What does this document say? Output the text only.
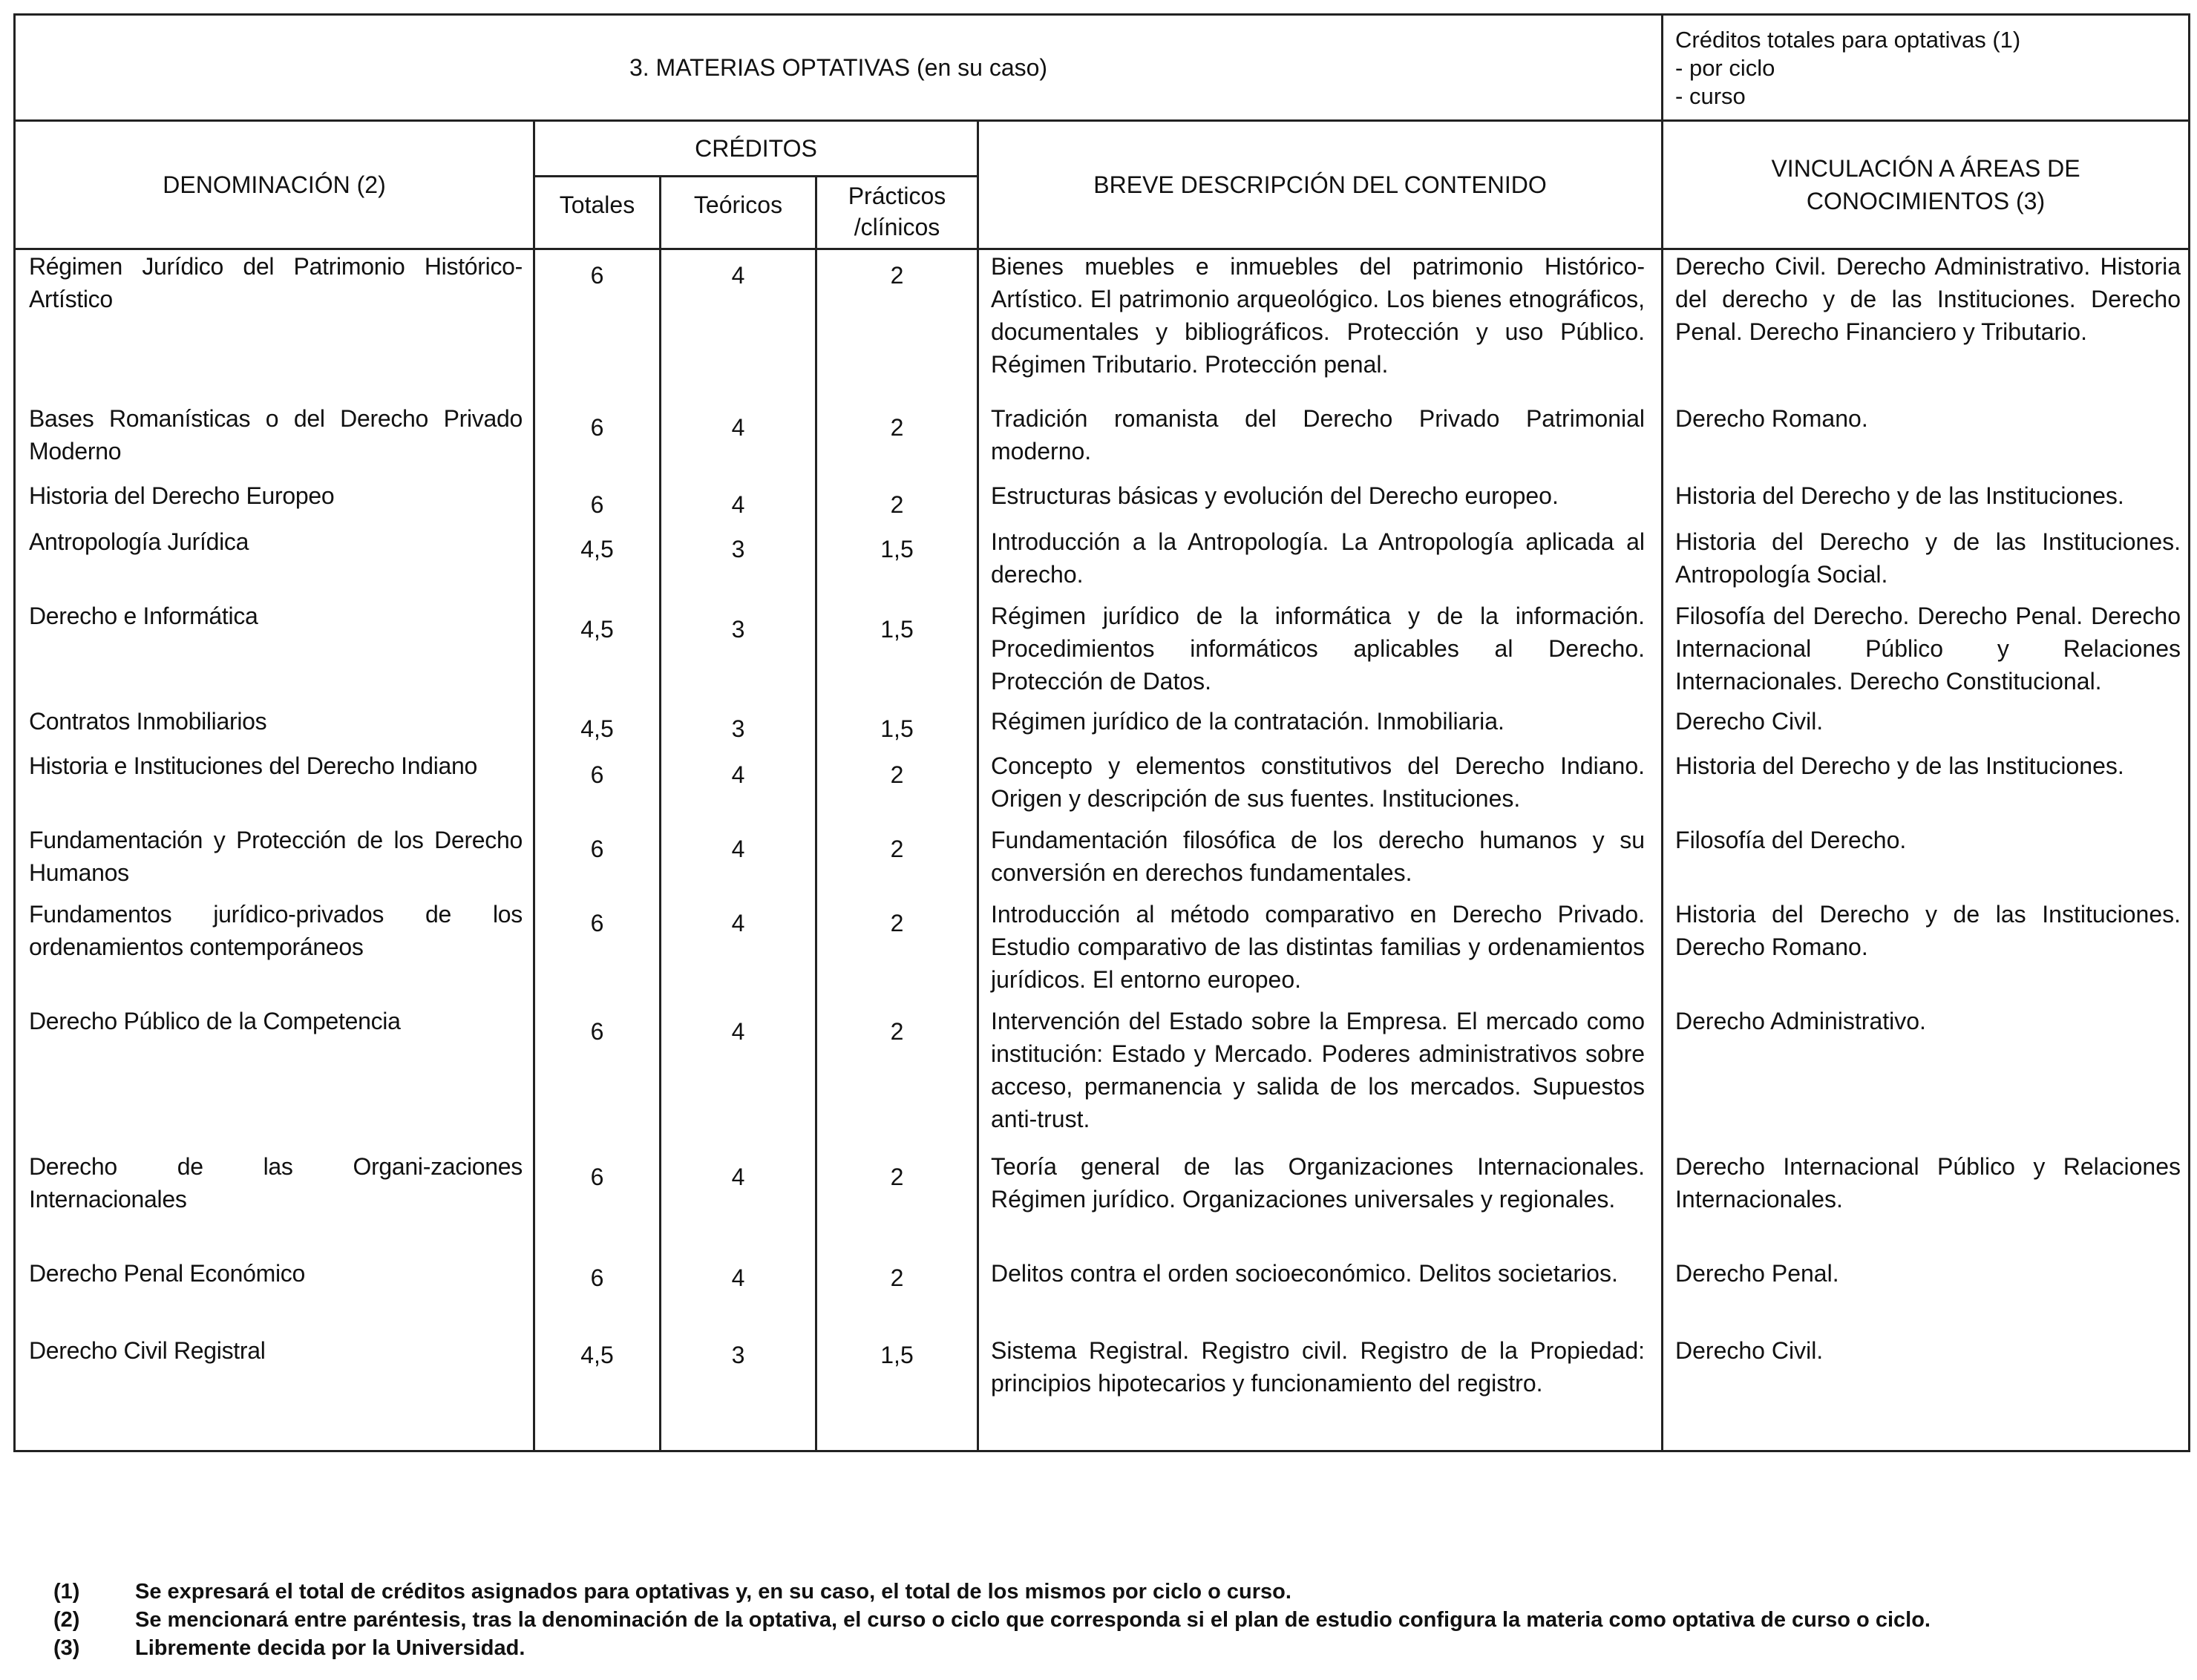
3. MATERIAS OPTATIVAS (en su caso)					Créditos totales para optativas (1)
- por ciclo
- curso

DENOMINACIÓN (2)	CRÉDITOS			BREVE DESCRIPCIÓN DEL CONTENIDO	VINCULACIÓN A ÁREAS DE
CONOCIMIENTOS (3)

	Totales	Teóricos	Prácticos
/clínicos		

Régimen Jurídico del Patrimonio Histórico-Artístico	6	4	2	Bienes muebles e inmuebles del patrimonio Histórico-Artístico. El patrimonio arqueológico. Los bienes etnográficos, documentales y bibliográficos. Protección y uso Público. Régimen Tributario. Protección penal.	Derecho Civil. Derecho Administrativo. Historia del derecho y de las Instituciones. Derecho Penal. Derecho Financiero y Tributario.
Bases Romanísticas o del Derecho Privado Moderno	6	4	2	Tradición romanista del Derecho Privado Patrimonial moderno.	Derecho Romano.
Historia del Derecho Europeo	6	4	2	Estructuras básicas y evolución del Derecho europeo.	Historia del Derecho y de las Instituciones.
Antropología Jurídica	4,5	3	1,5	Introducción a la Antropología. La Antropología aplicada al derecho.	Historia del Derecho y de las Instituciones. Antropología Social.
Derecho e Informática	4,5	3	1,5	Régimen jurídico de la informática y de la información. Procedimientos informáticos aplicables al Derecho. Protección de Datos.	Filosofía del Derecho. Derecho Penal. Derecho Internacional Público y Relaciones Internacionales. Derecho Constitucional.
Contratos Inmobiliarios	4,5	3	1,5	Régimen jurídico de la contratación. Inmobiliaria.	Derecho Civil.
Historia e Instituciones del Derecho Indiano	6	4	2	Concepto y elementos constitutivos del Derecho Indiano. Origen y descripción de sus fuentes. Instituciones.	Historia del Derecho y de las Instituciones.
Fundamentación y Protección de los Derecho Humanos	6	4	2	Fundamentación filosófica de los derecho humanos y su conversión en derechos fundamentales.	Filosofía del Derecho.
Fundamentos jurídico-privados de los ordenamientos contemporáneos	6	4	2	Introducción al método comparativo en Derecho Privado. Estudio comparativo de las distintas familias y ordenamientos jurídicos. El entorno europeo.	Historia del Derecho y de las Instituciones. Derecho Romano.
Derecho Público de la Competencia	6	4	2	Intervención del Estado sobre la Empresa. El mercado como institución: Estado y Mercado. Poderes administrativos sobre acceso, permanencia y salida de los mercados. Supuestos anti-trust.	Derecho Administrativo.
Derecho de las Organi-zaciones Internacionales	6	4	2	Teoría general de las Organizaciones Internacionales. Régimen jurídico. Organizaciones universales y regionales.	Derecho Internacional Público y Relaciones Internacionales.
Derecho Penal Económico	6	4	2	Delitos contra el orden socioeconómico. Delitos societarios.	Derecho Penal.
Derecho Civil Registral	4,5	3	1,5	Sistema Registral. Registro civil. Registro de la Propiedad: principios hipotecarios y funcionamiento del registro.	Derecho Civil.
(1)	Se expresará el total de créditos asignados para optativas y, en su caso, el total de los mismos por ciclo o curso.
(2)	Se mencionará entre paréntesis, tras la denominación de la optativa, el curso o ciclo que corresponda si el plan de estudio configura la materia como optativa de curso o ciclo.
(3)	Libremente decida por la Universidad.
